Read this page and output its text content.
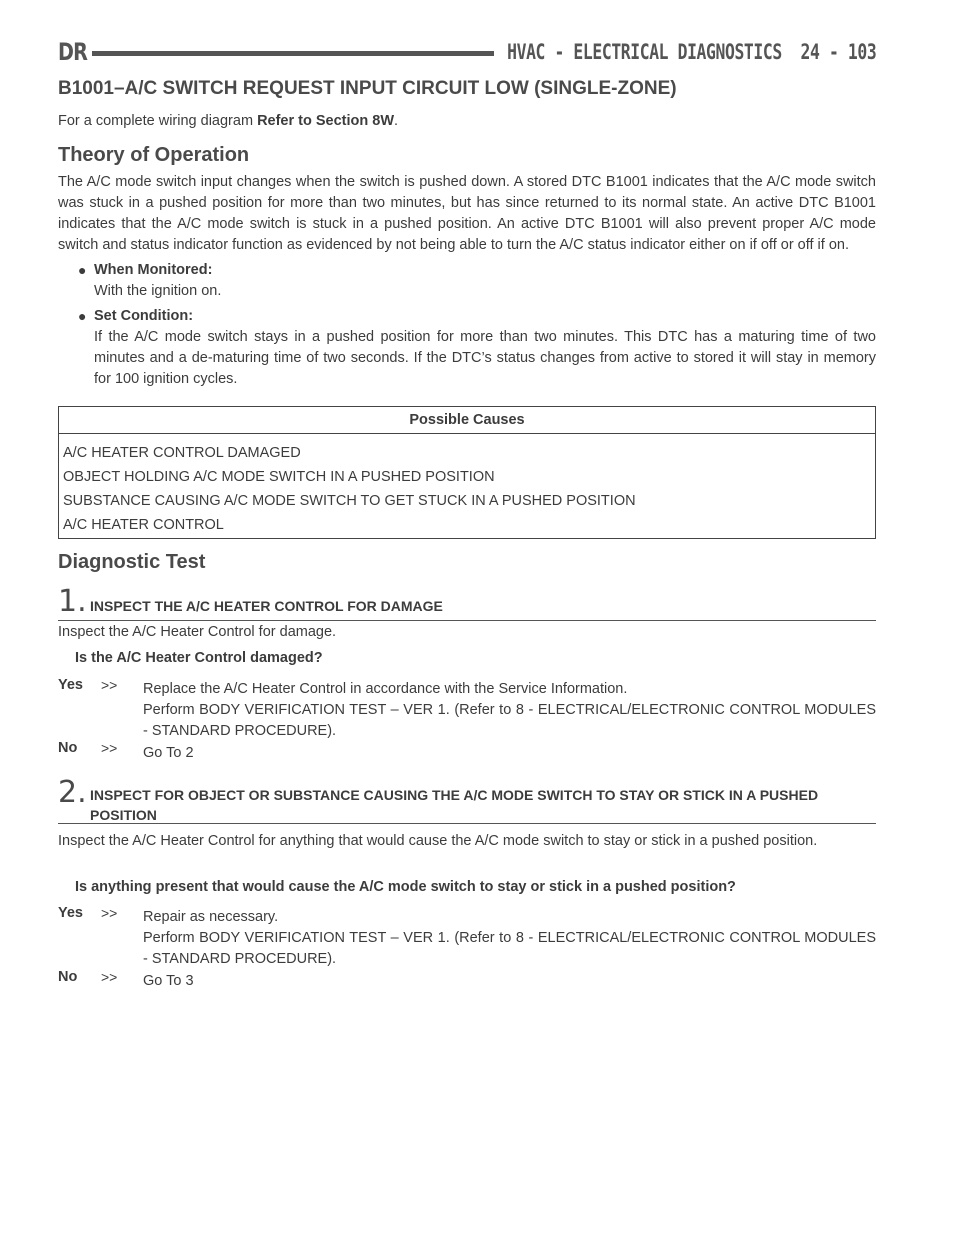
DR	HVAC - ELECTRICAL DIAGNOSTICS 24 - 103
B1001–A/C SWITCH REQUEST INPUT CIRCUIT LOW (SINGLE-ZONE)

For a complete wiring diagram Refer to Section 8W.

Theory of Operation

The A/C mode switch input changes when the switch is pushed down. A stored DTC B1001 indicates that the A/C mode switch was stuck in a pushed position for more than two minutes, but has since returned to its normal state. An active DTC B1001 indicates that the A/C mode switch is stuck in a pushed position. An active DTC B1001 will also prevent proper A/C mode switch and status indicator function as evidenced by not being able to turn the A/C status indicator either on if off or off if on.

● When Monitored:
With the ignition on.
● Set Condition:
If the A/C mode switch stays in a pushed position for more than two minutes. This DTC has a maturing time of two minutes and a de-maturing time of two seconds. If the DTC’s status changes from active to stored it will stay in memory for 100 ignition cycles.
Possible Causes
A/C HEATER CONTROL DAMAGED
OBJECT HOLDING A/C MODE SWITCH IN A PUSHED POSITION
SUBSTANCE CAUSING A/C MODE SWITCH TO GET STUCK IN A PUSHED POSITION
A/C HEATER CONTROL
Diagnostic Test
1. INSPECT THE A/C HEATER CONTROL FOR DAMAGE
Inspect the A/C Heater Control for damage.
Is the A/C Heater Control damaged?
Yes >> Replace the A/C Heater Control in accordance with the Service Information.
Perform BODY VERIFICATION TEST – VER 1. (Refer to 8 - ELECTRICAL/ELECTRONIC CONTROL MODULES - STANDARD PROCEDURE).
No >> Go To 2
2. INSPECT FOR OBJECT OR SUBSTANCE CAUSING THE A/C MODE SWITCH TO STAY OR STICK IN A PUSHED POSITION
Inspect the A/C Heater Control for anything that would cause the A/C mode switch to stay or stick in a pushed position.
Is anything present that would cause the A/C mode switch to stay or stick in a pushed position?
Yes >> Repair as necessary.
Perform BODY VERIFICATION TEST – VER 1. (Refer to 8 - ELECTRICAL/ELECTRONIC CONTROL MODULES - STANDARD PROCEDURE).
No >> Go To 3
